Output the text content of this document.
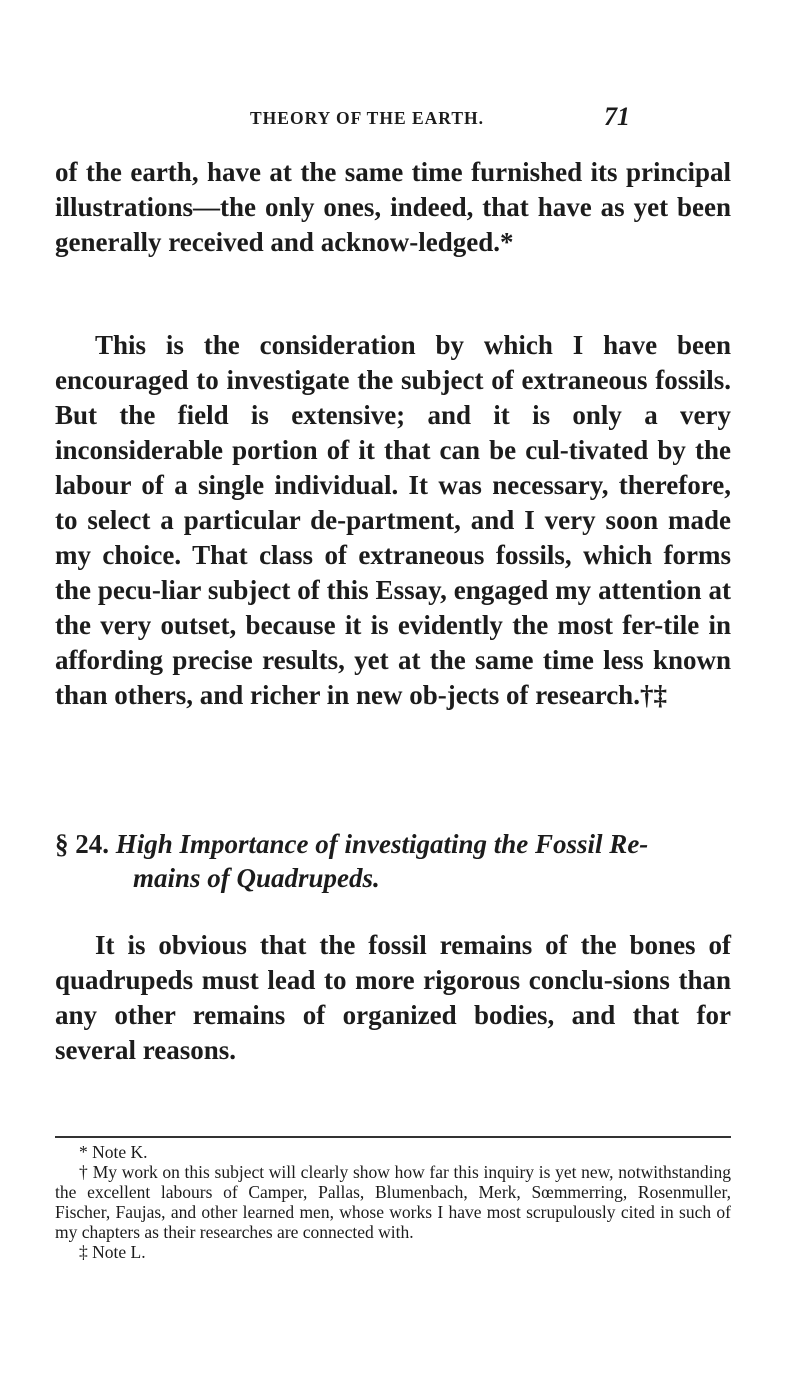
THEORY OF THE EARTH.	71

of the earth, have at the same time furnished its principal illustrations—the only ones, indeed, that have as yet been generally received and acknow-ledged.*

This is the consideration by which I have been encouraged to investigate the subject of extraneous fossils. But the field is extensive; and it is only a very inconsiderable portion of it that can be cul-tivated by the labour of a single individual. It was necessary, therefore, to select a particular de-partment, and I very soon made my choice. That class of extraneous fossils, which forms the pecu-liar subject of this Essay, engaged my attention at the very outset, because it is evidently the most fer-tile in affording precise results, yet at the same time less known than others, and richer in new ob-jects of research.†‡

§ 24. High Importance of investigating the Fossil Re-
mains of Quadrupeds.

It is obvious that the fossil remains of the bones of quadrupeds must lead to more rigorous conclu-sions than any other remains of organized bodies, and that for several reasons.

* Note K.

† My work on this subject will clearly show how far this inquiry is yet new, notwithstanding the excellent labours of Camper, Pallas, Blumenbach, Merk, Sœmmerring, Rosenmuller, Fischer, Faujas, and other learned men, whose works I have most scrupulously cited in such of my chapters as their researches are connected with.

‡ Note L.
